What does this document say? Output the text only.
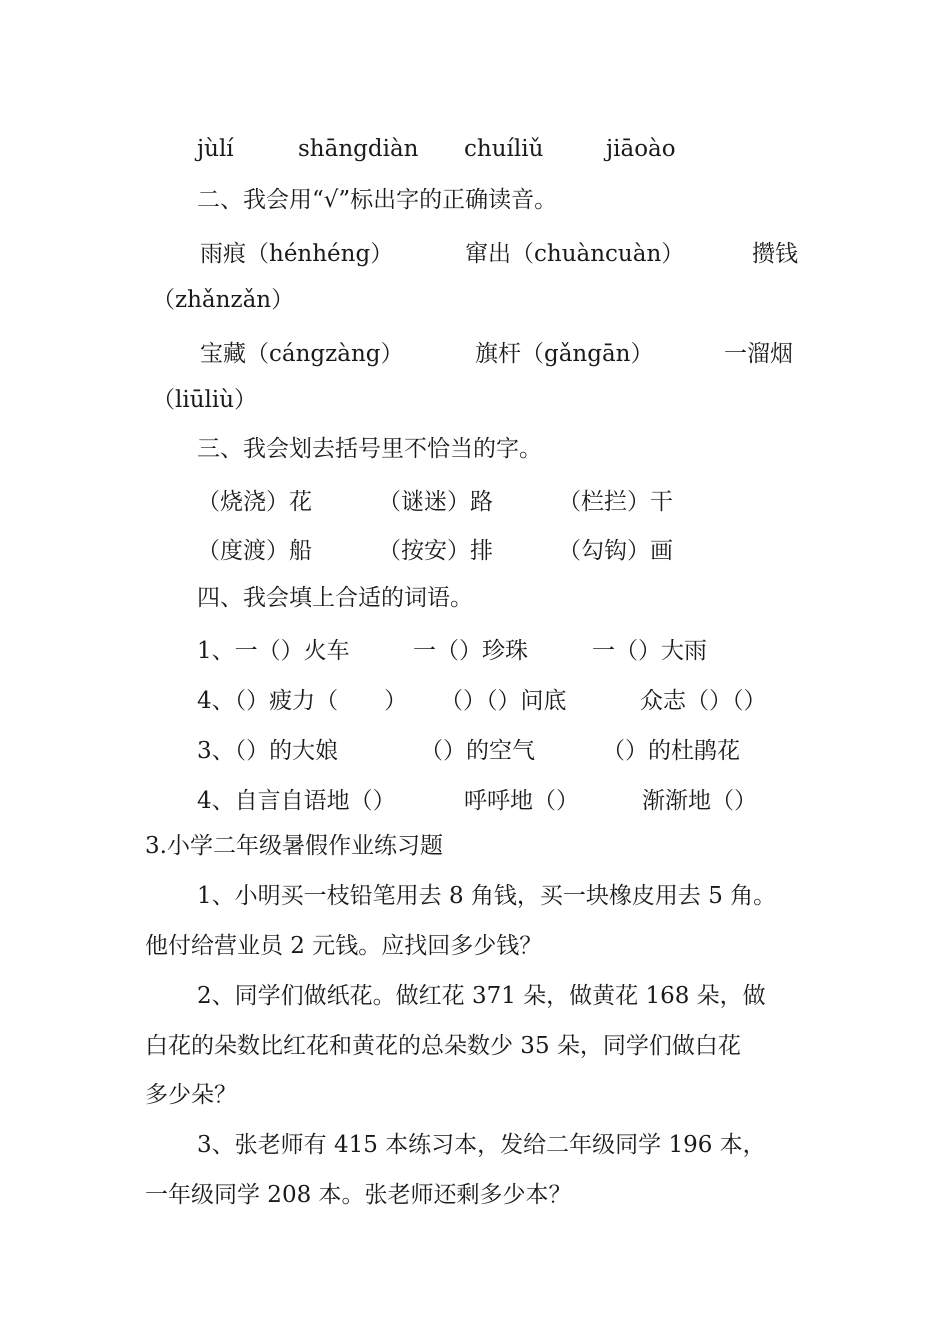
jùlí	shāngdiàn chuíliǔ	jiāoào
二、我会用“√”标出字的正确读音。
雨痕（hénhéng）	窜出（chuàncuàn）	攒钱
（zhǎnzǎn）
宝藏（cángzàng）	旗杆（gǎngān）	一溜烟
（liūliù）
三、我会划去括号里不恰当的字。
（烧浇）花	（谜迷）路	（栏拦）干
（度渡）船	（按安）排	（勾钩）画
四、我会填上合适的词语。
1、一（）火车	一（）珍珠	一（）大雨
4、（）疲力（　　） （）（）问底	众志（）（）
3、（）的大娘	（）的空气	（）的杜鹃花
4、自言自语地（）	呼呼地（）	渐渐地（）
3.小学二年级暑假作业练习题
1、小明买一枝铅笔用去 8 角钱，买一块橡皮用去 5 角。
他付给营业员 2 元钱。应找回多少钱？
2、同学们做纸花。做红花 371 朵，做黄花 168 朵，做
白花的朵数比红花和黄花的总朵数少 35 朵，同学们做白花
多少朵？
3、张老师有 415 本练习本，发给二年级同学 196 本，
一年级同学 208 本。张老师还剩多少本？
